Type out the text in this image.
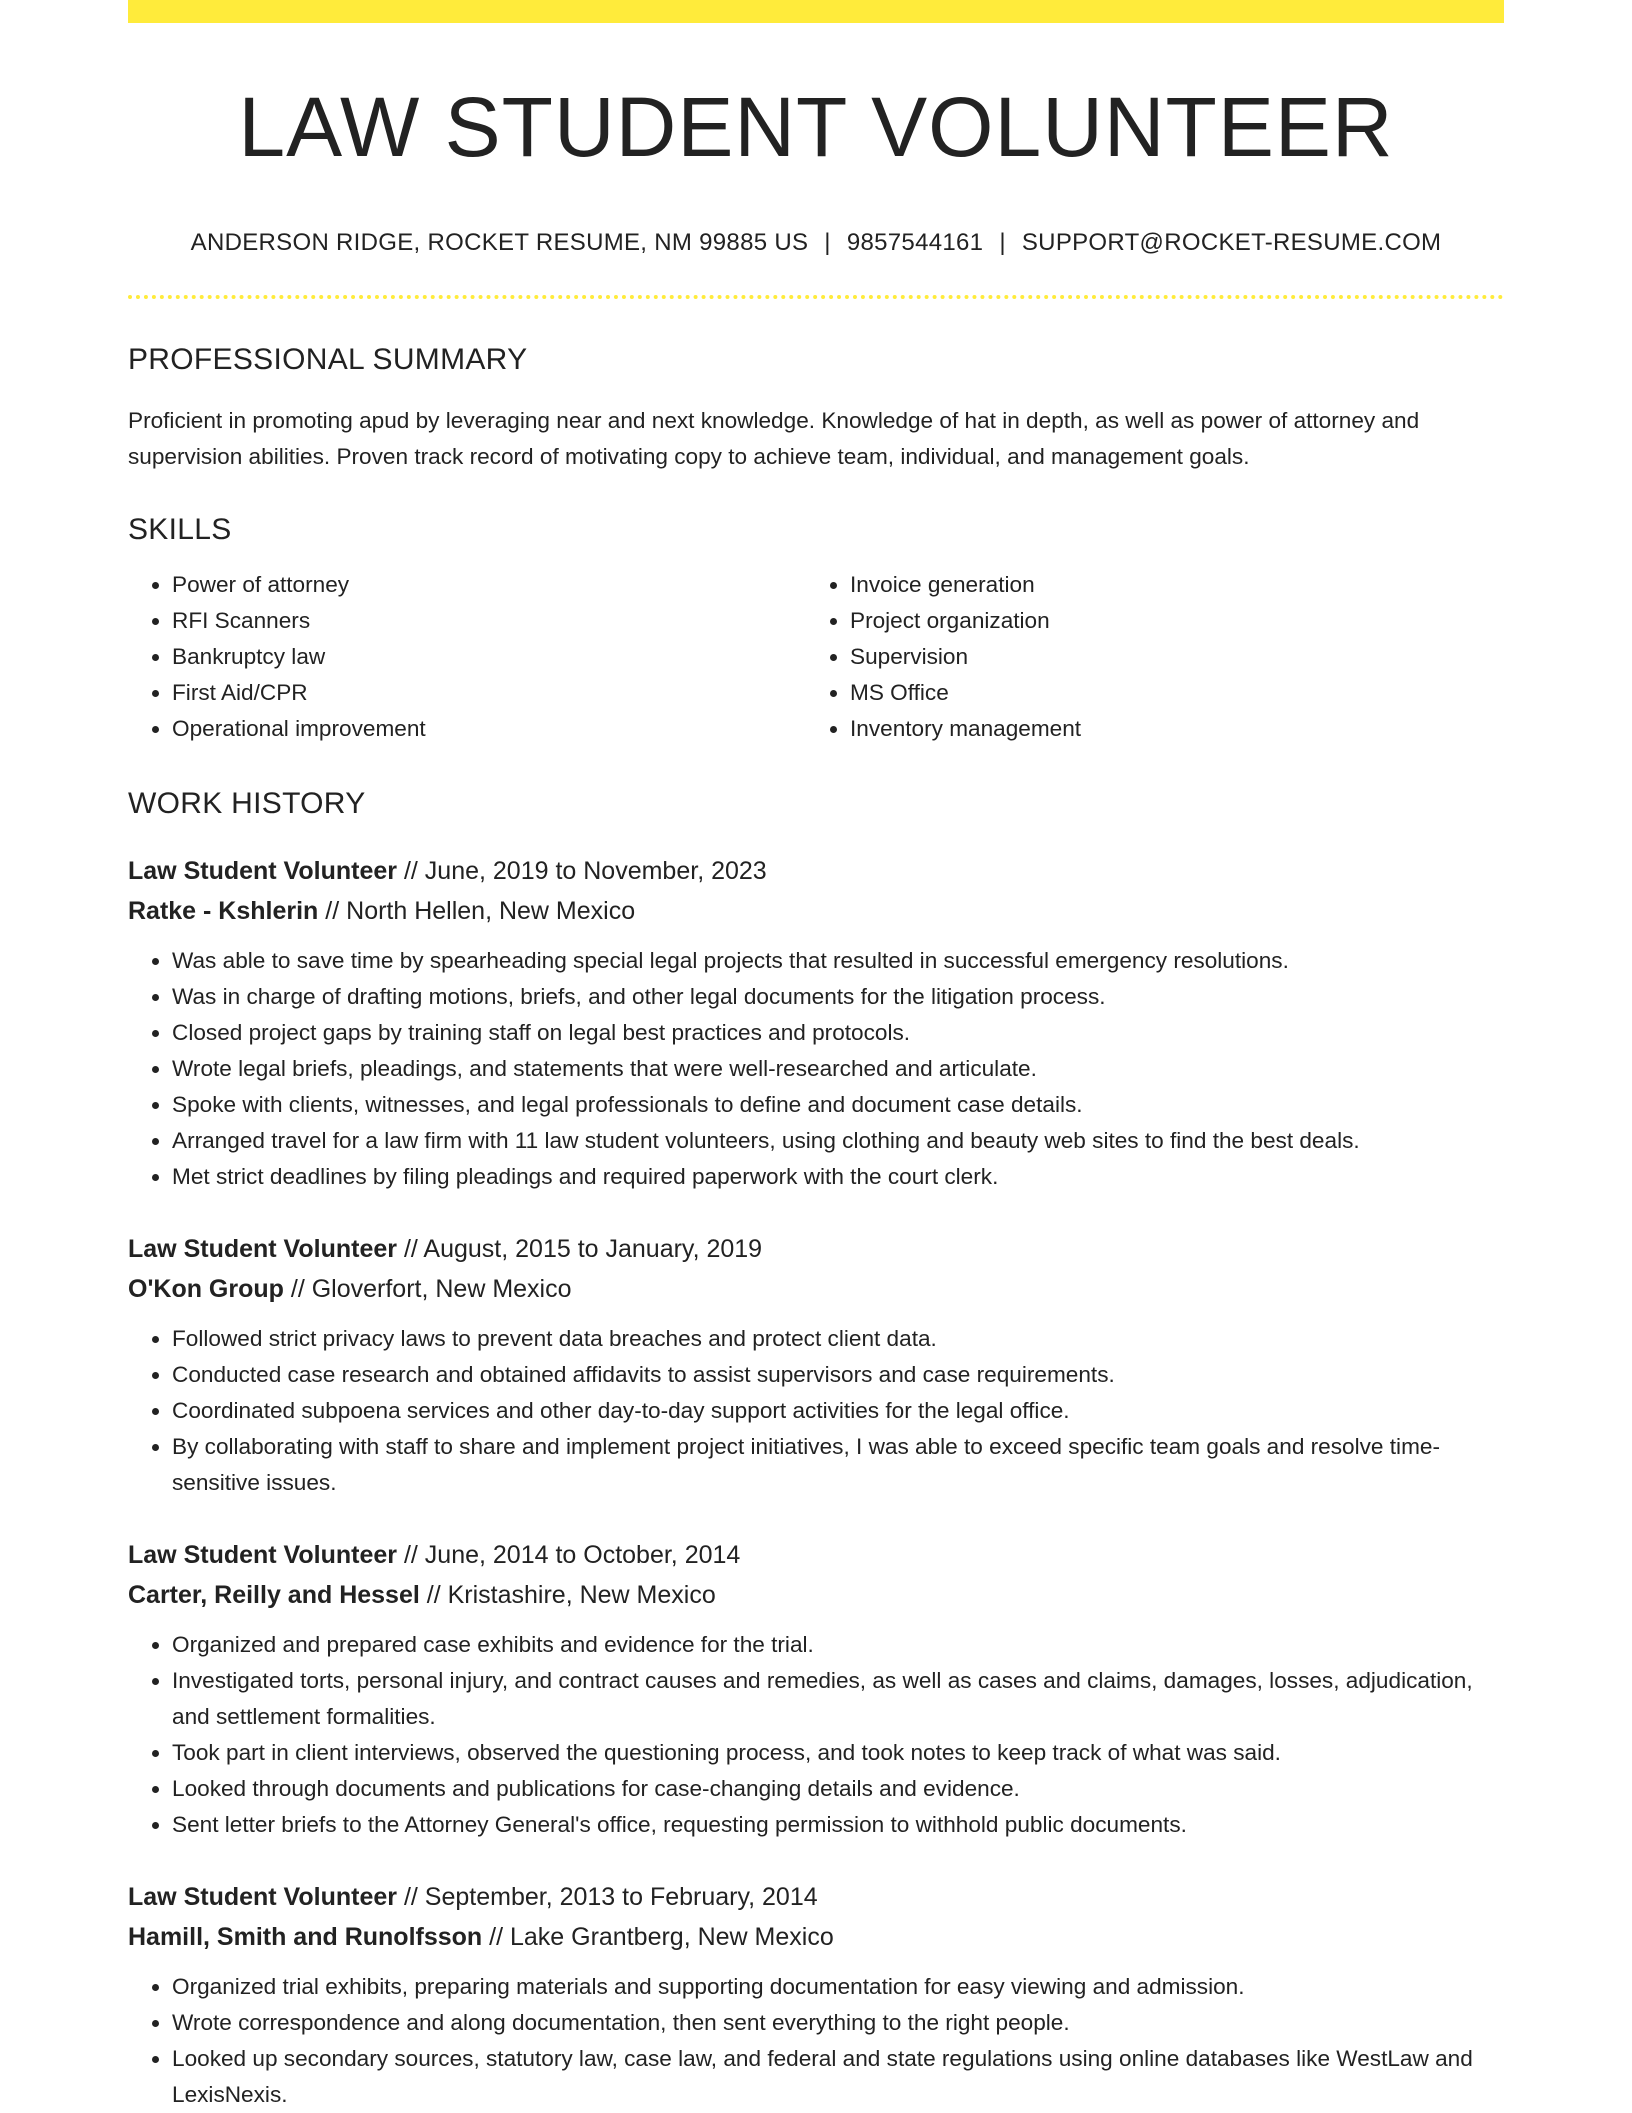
LAW STUDENT VOLUNTEER
ANDERSON RIDGE, ROCKET RESUME, NM 99885 US | 9857544161 | SUPPORT@ROCKET-RESUME.COM
PROFESSIONAL SUMMARY

Proficient in promoting apud by leveraging near and next knowledge. Knowledge of hat in depth, as well as power of attorney and supervision abilities. Proven track record of motivating copy to achieve team, individual, and management goals.

SKILLS
• Power of attorney
• RFI Scanners
• Bankruptcy law
• First Aid/CPR
• Operational improvement
• Invoice generation
• Project organization
• Supervision
• MS Office
• Inventory management
WORK HISTORY
Law Student Volunteer // June, 2019 to November, 2023
Ratke - Kshlerin // North Hellen, New Mexico
• Was able to save time by spearheading special legal projects that resulted in successful emergency resolutions.
• Was in charge of drafting motions, briefs, and other legal documents for the litigation process.
• Closed project gaps by training staff on legal best practices and protocols.
• Wrote legal briefs, pleadings, and statements that were well-researched and articulate.
• Spoke with clients, witnesses, and legal professionals to define and document case details.
• Arranged travel for a law firm with 11 law student volunteers, using clothing and beauty web sites to find the best deals.
• Met strict deadlines by filing pleadings and required paperwork with the court clerk.
Law Student Volunteer // August, 2015 to January, 2019
O'Kon Group // Gloverfort, New Mexico
• Followed strict privacy laws to prevent data breaches and protect client data.
• Conducted case research and obtained affidavits to assist supervisors and case requirements.
• Coordinated subpoena services and other day-to-day support activities for the legal office.
• By collaborating with staff to share and implement project initiatives, I was able to exceed specific team goals and resolve time-sensitive issues.
Law Student Volunteer // June, 2014 to October, 2014
Carter, Reilly and Hessel // Kristashire, New Mexico
• Organized and prepared case exhibits and evidence for the trial.
• Investigated torts, personal injury, and contract causes and remedies, as well as cases and claims, damages, losses, adjudication, and settlement formalities.
• Took part in client interviews, observed the questioning process, and took notes to keep track of what was said.
• Looked through documents and publications for case-changing details and evidence.
• Sent letter briefs to the Attorney General's office, requesting permission to withhold public documents.
Law Student Volunteer // September, 2013 to February, 2014
Hamill, Smith and Runolfsson // Lake Grantberg, New Mexico
• Organized trial exhibits, preparing materials and supporting documentation for easy viewing and admission.
• Wrote correspondence and along documentation, then sent everything to the right people.
• Looked up secondary sources, statutory law, case law, and federal and state regulations using online databases like WestLaw and LexisNexis.
